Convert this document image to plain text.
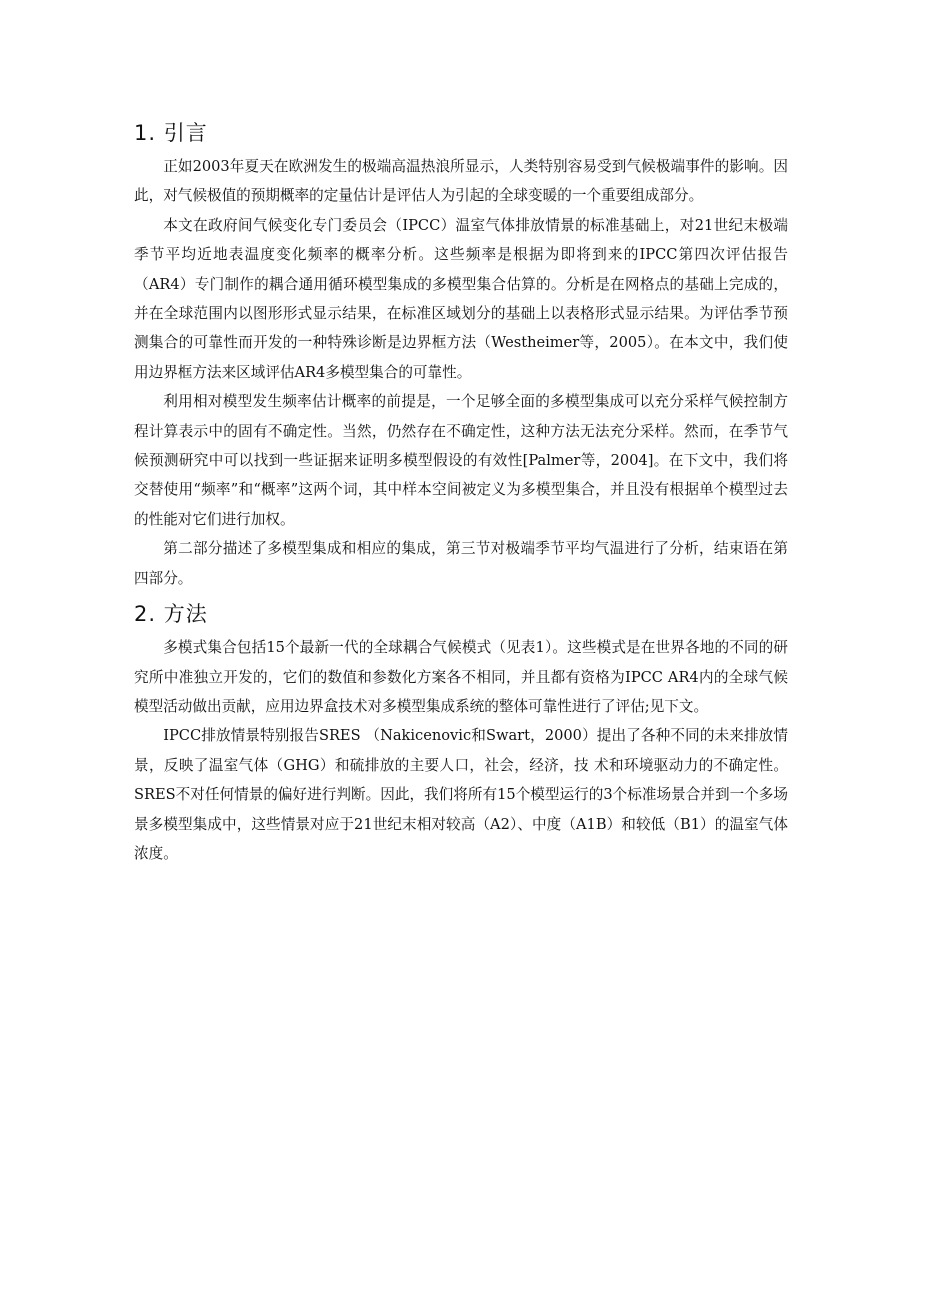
1. 引言

正如2003年夏天在欧洲发生的极端高温热浪所显示，人类特别容易受到气候极端事件的影响。因此，对气候极值的预期概率的定量估计是评估人为引起的全球变暖的一个重要组成部分。

本文在政府间气候变化专门委员会（IPCC）温室气体排放情景的标准基础上，对21世纪末极端季节平均近地表温度变化频率的概率分析。这些频率是根据为即将到来的IPCC第四次评估报告（AR4）专门制作的耦合通用循环模型集成的多模型集合估算的。分析是在网格点的基础上完成的， 并在全球范围内以图形形式显示结果，在标准区域划分的基础上以表格形式显示结果。为评估季节预测集合的可靠性而开发的一种特殊诊断是边界框方法（Westheimer等，2005）。在本文中，我们使用边界框方法来区域评估AR4多模型集合的可靠性。

利用相对模型发生频率估计概率的前提是，一个足够全面的多模型集成可以充分采样气候控制方程计算表示中的固有不确定性。当然，仍然存在不确定性，这种方法无法充分采样。然而，在季节气候预测研究中可以找到一些证据来证明多模型假设的有效性[Palmer等，2004]。在下文中，我们将交替使用“频率”和“概率”这两个词，其中样本空间被定义为多模型集合，并且没有根据单个模型过去的性能对它们进行加权。

第二部分描述了多模型集成和相应的集成，第三节对极端季节平均气温进行了分析，结束语在第四部分。

2. 方法

多模式集合包括15个最新一代的全球耦合气候模式（见表1）。这些模式是在世界各地的不同的研究所中准独立开发的，它们的数值和参数化方案各不相同，并且都有资格为IPCC AR4内的全球气候模型活动做出贡献，应用边界盒技术对多模型集成系统的整体可靠性进行了评估;见下文。

IPCC排放情景特别报告SRES （Nakicenovic和Swart，2000）提出了各种不同的未来排放情景，反映了温室气体（GHG）和硫排放的主要人口，社会，经济，技 术和环境驱动力的不确定性。SRES不对任何情景的偏好进行判断。因此，我们将所有15个模型运行的3个标准场景合并到一个多场景多模型集成中，这些情景对应于21世纪末相对较高（A2）、中度（A1B）和较低（B1）的温室气体浓度。
